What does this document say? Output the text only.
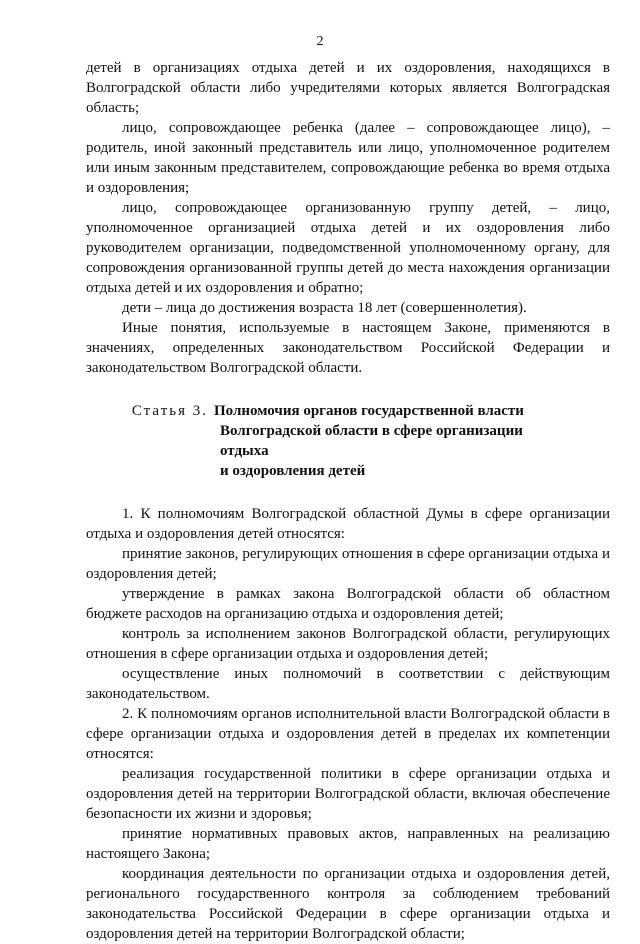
2

детей в организациях отдыха детей и их оздоровления, находящихся в Волгоградской области либо учредителями которых является Волгоградская область;

лицо, сопровождающее ребенка (далее – сопровождающее лицо), – родитель, иной законный представитель или лицо, уполномоченное родителем или иным законным представителем, сопровождающие ребенка во время отдыха и оздоровления;

лицо, сопровождающее организованную группу детей, – лицо, уполномоченное организацией отдыха детей и их оздоровления либо руководителем организации, подведомственной уполномоченному органу, для сопровождения организованной группы детей до места нахождения организации отдыха детей и их оздоровления и обратно;

дети – лица до достижения возраста 18 лет (совершеннолетия).

Иные понятия, используемые в настоящем Законе, применяются в значениях, определенных законодательством Российской Федерации и законодательством Волгоградской области.

Статья 3. Полномочия органов государственной власти
Волгоградской области в сфере организации отдыха
и оздоровления детей

1. К полномочиям Волгоградской областной Думы в сфере организации отдыха и оздоровления детей относятся:

принятие законов, регулирующих отношения в сфере организации отдыха и оздоровления детей;

утверждение в рамках закона Волгоградской области об областном бюджете расходов на организацию отдыха и оздоровления детей;

контроль за исполнением законов Волгоградской области, регулирующих отношения в сфере организации отдыха и оздоровления детей;

осуществление иных полномочий в соответствии с действующим законодательством.

2. К полномочиям органов исполнительной власти Волгоградской области в сфере организации отдыха и оздоровления детей в пределах их компетенции относятся:

реализация государственной политики в сфере организации отдыха и оздоровления детей на территории Волгоградской области, включая обеспечение безопасности их жизни и здоровья;

принятие нормативных правовых актов, направленных на реализацию настоящего Закона;

координация деятельности по организации отдыха и оздоровления детей, регионального государственного контроля за соблюдением требований законодательства Российской Федерации в сфере организации отдыха и оздоровления детей на территории Волгоградской области;
